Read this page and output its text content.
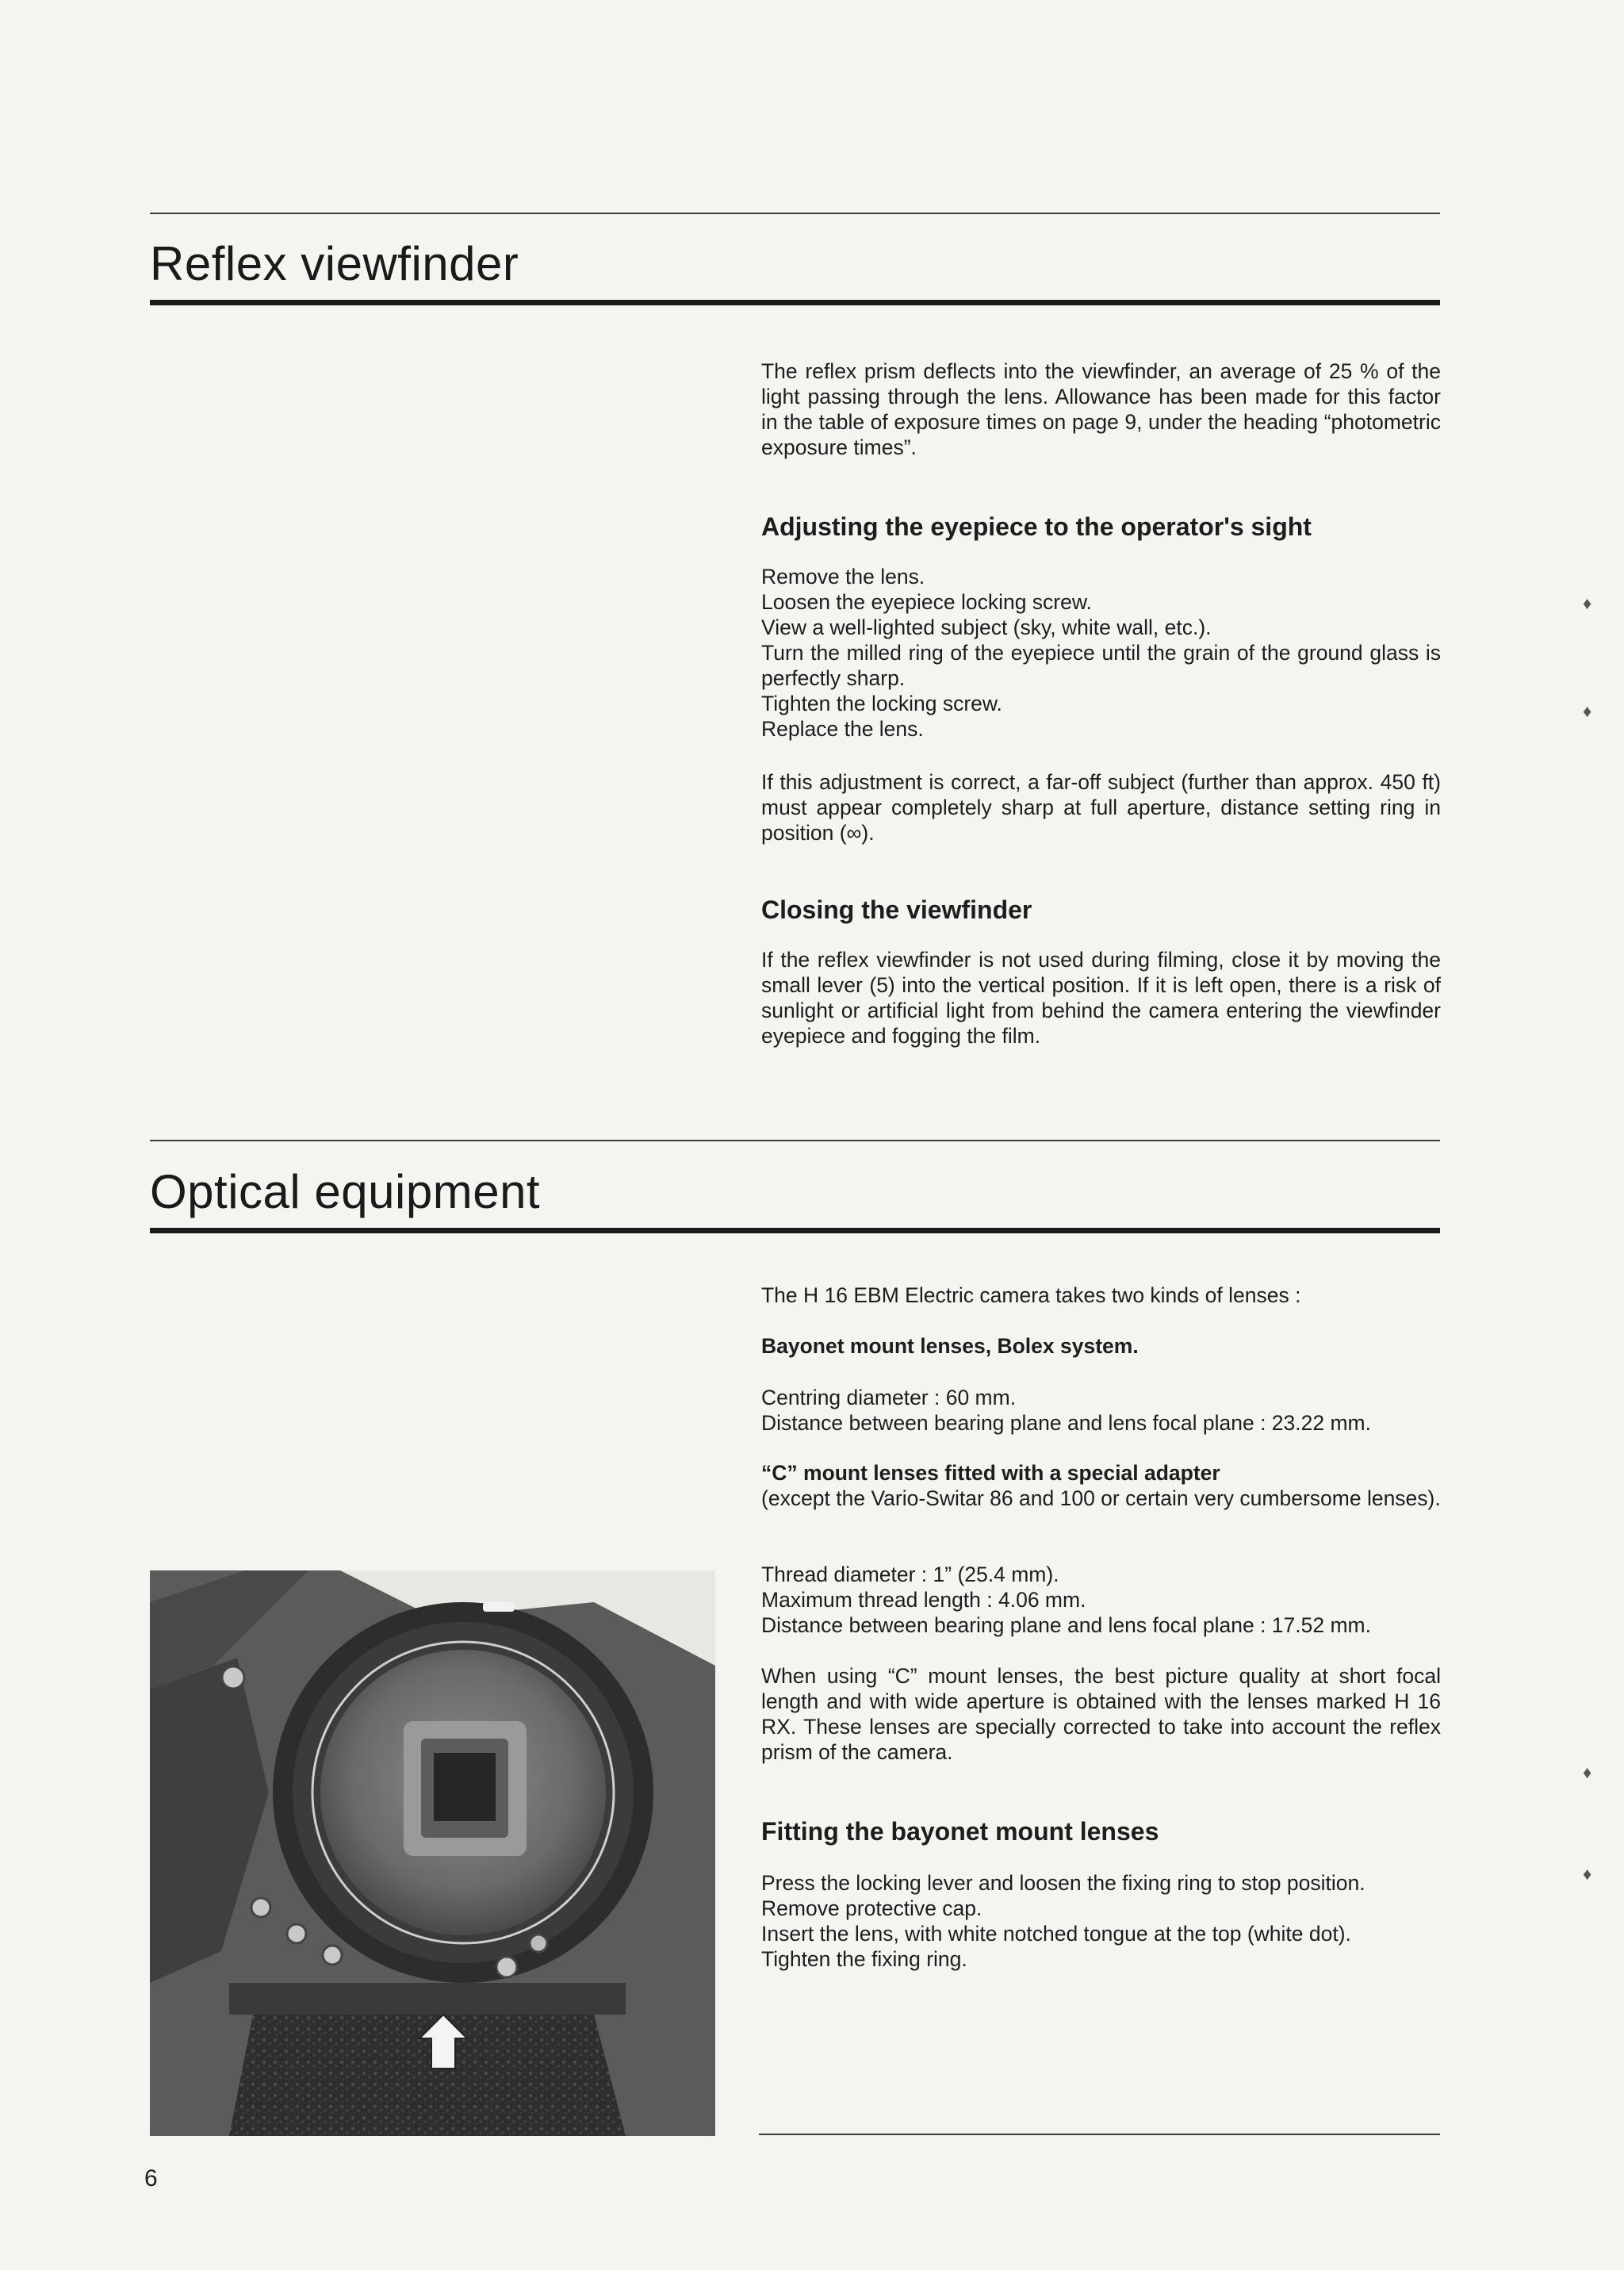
Reflex viewfinder

The reflex prism deflects into the viewfinder, an average of 25 % of the light passing through the lens. Allowance has been made for this factor in the table of exposure times on page 9, under the heading “photometric exposure times”.

Adjusting the eyepiece to the operator's sight

Remove the lens.

Loosen the eyepiece locking screw.

View a well-lighted subject (sky, white wall, etc.).

Turn the milled ring of the eyepiece until the grain of the ground glass is perfectly sharp.

Tighten the locking screw.

Replace the lens.

If this adjustment is correct, a far-off subject (further than approx. 450 ft) must appear completely sharp at full aperture, distance setting ring in position (∞).

Closing the viewfinder

If the reflex viewfinder is not used during filming, close it by moving the small lever (5) into the vertical position. If it is left open, there is a risk of sunlight or artificial light from behind the camera entering the viewfinder eyepiece and fogging the film.

Optical equipment

The H 16 EBM Electric camera takes two kinds of lenses :

Bayonet mount lenses, Bolex system.

Centring diameter : 60 mm.

Distance between bearing plane and lens focal plane : 23.22 mm.

“C” mount lenses fitted with a special adapter

(except the Vario-Switar 86 and 100 or certain very cumbersome lenses).

Thread diameter : 1” (25.4 mm).

Maximum thread length : 4.06 mm.

Distance between bearing plane and lens focal plane : 17.52 mm.

When using “C” mount lenses, the best picture quality at short focal length and with wide aperture is obtained with the lenses marked H 16 RX. These lenses are specially corrected to take into account the reflex prism of the camera.

Fitting the bayonet mount lenses

Press the locking lever and loosen the fixing ring to stop position.

Remove protective cap.

Insert the lens, with white notched tongue at the top (white dot).

Tighten the fixing ring.

♦
♦
♦
♦
6
